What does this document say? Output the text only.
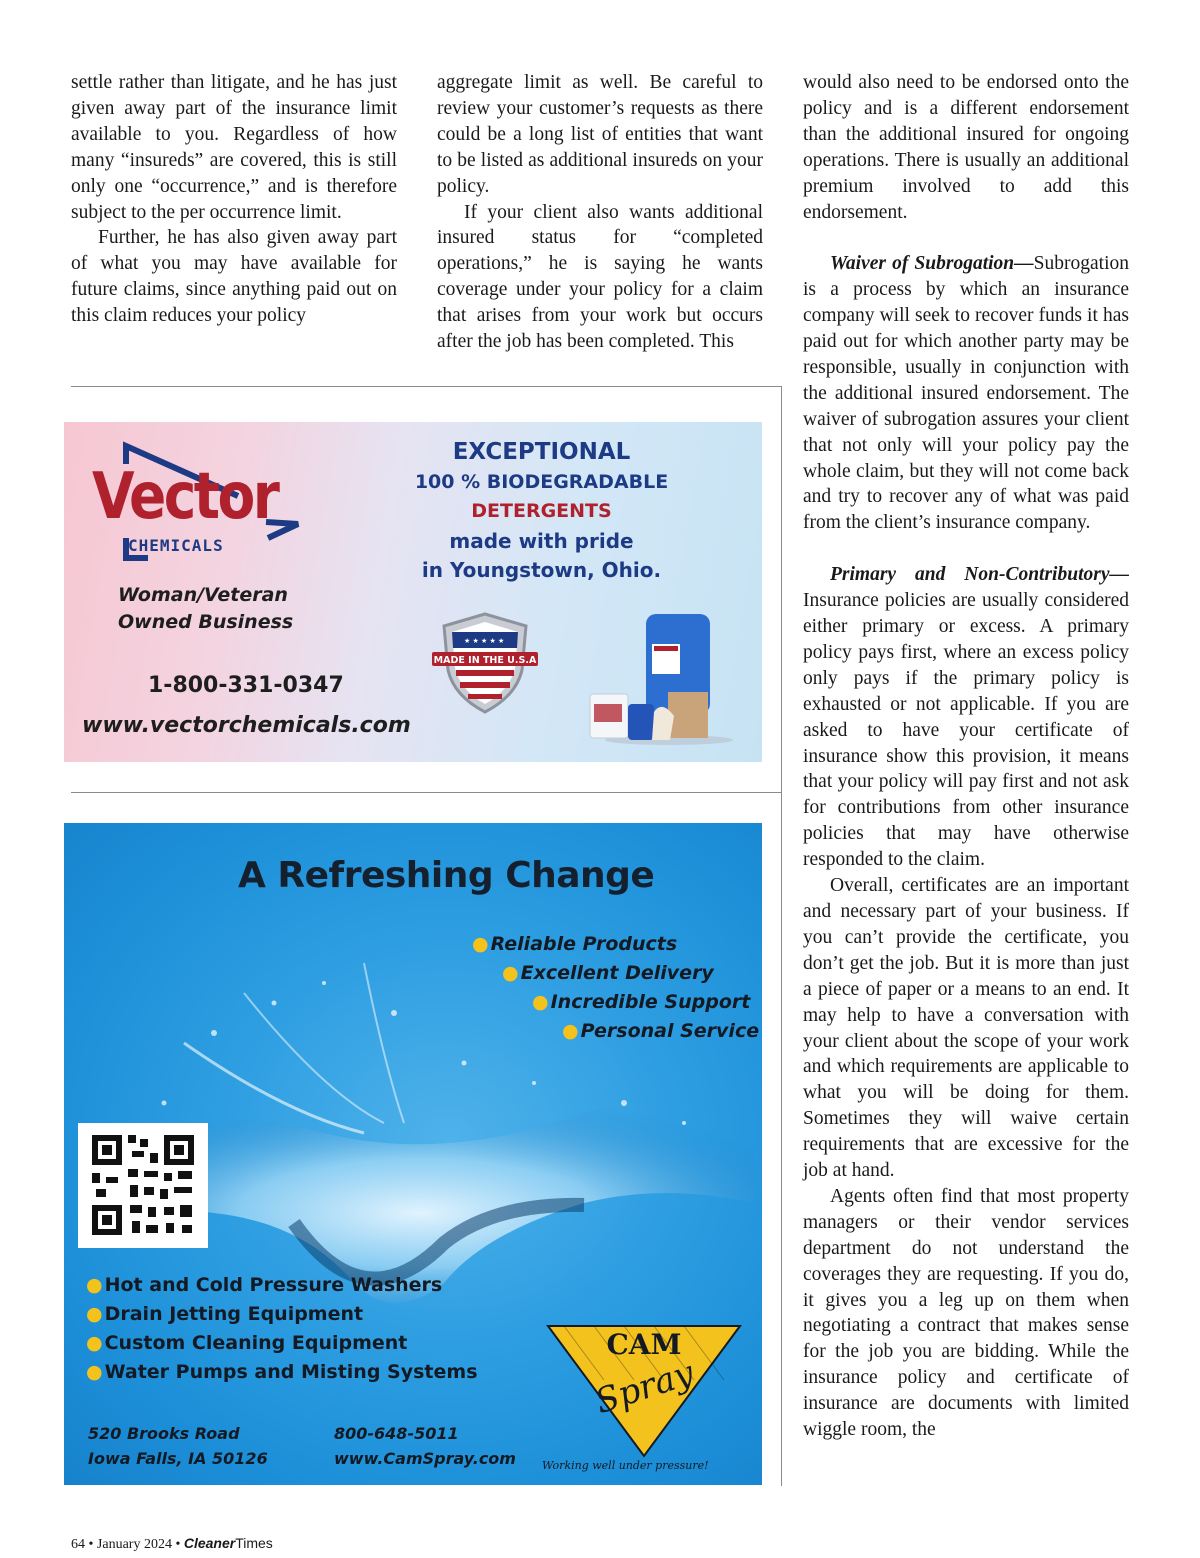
settle rather than litigate, and he has just given away part of the insurance limit available to you. Regardless of how many “insureds” are covered, this is still only one “occurrence,” and is therefore subject to the per occurrence limit.

Further, he has also given away part of what you may have available for future claims, since anything paid out on this claim reduces your policy

aggregate limit as well. Be careful to review your customer’s requests as there could be a long list of entities that want to be listed as additional insureds on your policy.

If your client also wants additional insured status for “completed operations,” he is saying he wants coverage under your policy for a claim that arises from your work but occurs after the job has been completed. This

would also need to be endorsed onto the policy and is a different endorsement than the additional insured for ongoing operations. There is usually an additional premium involved to add this endorsement.

Waiver of Subrogation—Subrogation is a process by which an insurance company will seek to recover funds it has paid out for which another party may be responsible, usually in conjunction with the additional insured endorsement. The waiver of subrogation assures your client that not only will your policy pay the whole claim, but they will not come back and try to recover any of what was paid from the client’s insurance company.

Primary and Non-Contributory—Insurance policies are usually considered either primary or excess. A primary policy pays first, where an excess policy only pays if the primary policy is exhausted or not applicable. If you are asked to have your certificate of insurance show this provision, it means that your policy will pay first and not ask for contributions from other insurance policies that may have otherwise responded to the claim.

Overall, certificates are an important and necessary part of your business. If you can’t provide the certificate, you don’t get the job. But it is more than just a piece of paper or a means to an end. It may help to have a conversation with your client about the scope of your work and which requirements are applicable to what you will be doing for them. Sometimes they will waive certain requirements that are excessive for the job at hand.

Agents often find that most property managers or their vendor services department do not understand the coverages they are requesting. If you do, it gives you a leg up on them when negotiating a contract that makes sense for the job you are bidding. While the insurance policy and certificate of insurance are documents with limited wiggle room, the

Vector
CHEMICALS
Woman/Veteran
Owned Business
1-800-331-0347
www.vectorchemicals.com
EXCEPTIONAL
100 % BIODEGRADABLE
DETERGENTS
made with pride
in Youngstown, Ohio.
★ ★ ★ ★ ★
MADE IN THE U.S.A
A Refreshing Change
● Reliable Products
● Excellent Delivery
● Incredible Support
● Personal Service
● Hot and Cold Pressure Washers
● Drain Jetting Equipment
● Custom Cleaning Equipment
● Water Pumps and Misting Systems
520 Brooks Road
Iowa Falls, IA 50126
800-648-5011
www.CamSpray.com
CAM
Spray
Working well under pressure!
64 • January 2024 • CleanerTimes
